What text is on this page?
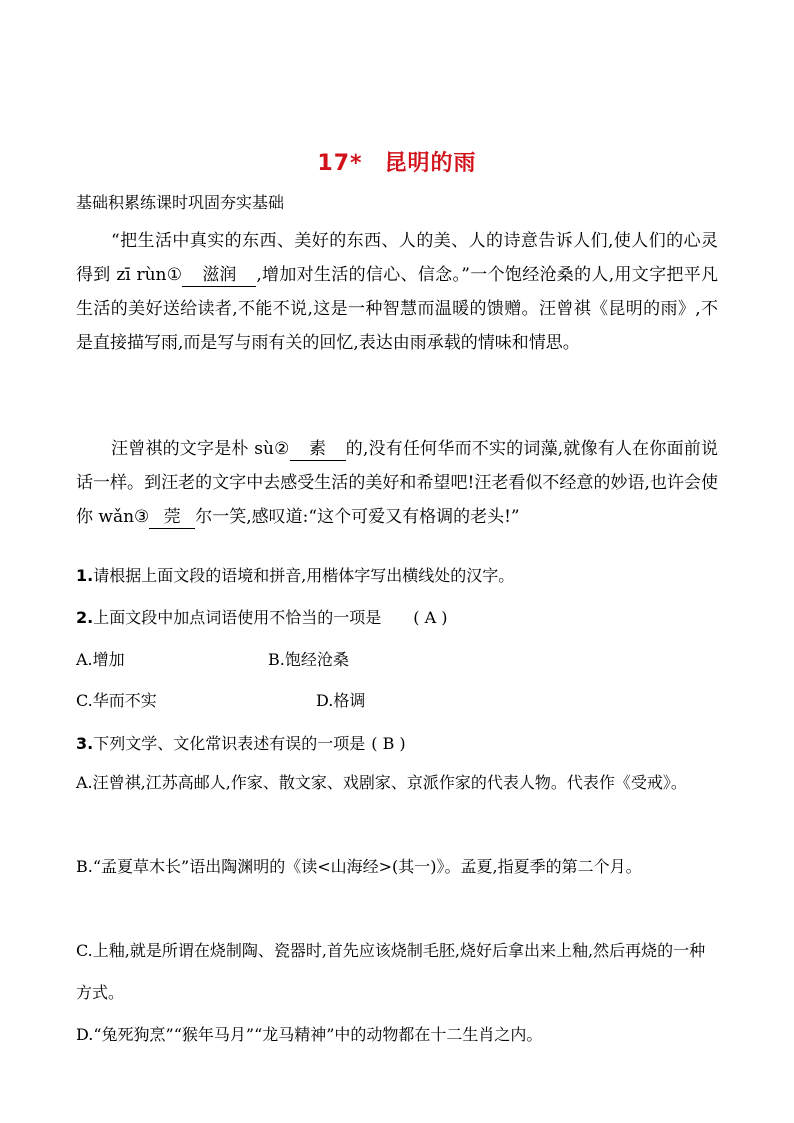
17* 昆明的雨
基础积累练课时巩固夯实基础
“把生活中真实的东西、美好的东西、人的美、人的诗意告诉人们,使人们的心灵得到 zī rùn① 滋润 ,增加对生活的信心、信念。”一个饱经沧桑的人,用文字把平凡生活的美好送给读者,不能不说,这是一种智慧而温暖的馈赠。汪曾祺《昆明的雨》,不是直接描写雨,而是写与雨有关的回忆,表达由雨承载的情味和情思。
汪曾祺的文字是朴 sù② 素 的,没有任何华而不实的词藻,就像有人在你面前说话一样。到汪老的文字中去感受生活的美好和希望吧!汪老看似不经意的妙语,也许会使你 wǎn③ 莞 尔一笑,感叹道:“这个可爱又有格调的老头!”
1.请根据上面文段的语境和拼音,用楷体字写出横线处的汉字。
2.上面文段中加点词语使用不恰当的一项是 ( A )
A.增加	B.饱经沧桑
C.华而不实	D.格调
3.下列文学、文化常识表述有误的一项是 ( B )
A.汪曾祺,江苏高邮人,作家、散文家、戏剧家、京派作家的代表人物。代表作《受戒》。
B.“孟夏草木长”语出陶渊明的《读<山海经>(其一)》。孟夏,指夏季的第二个月。
C.上釉,就是所谓在烧制陶、瓷器时,首先应该烧制毛胚,烧好后拿出来上釉,然后再烧的一种方式。
D.“兔死狗烹”“猴年马月”“龙马精神”中的动物都在十二生肖之内。
